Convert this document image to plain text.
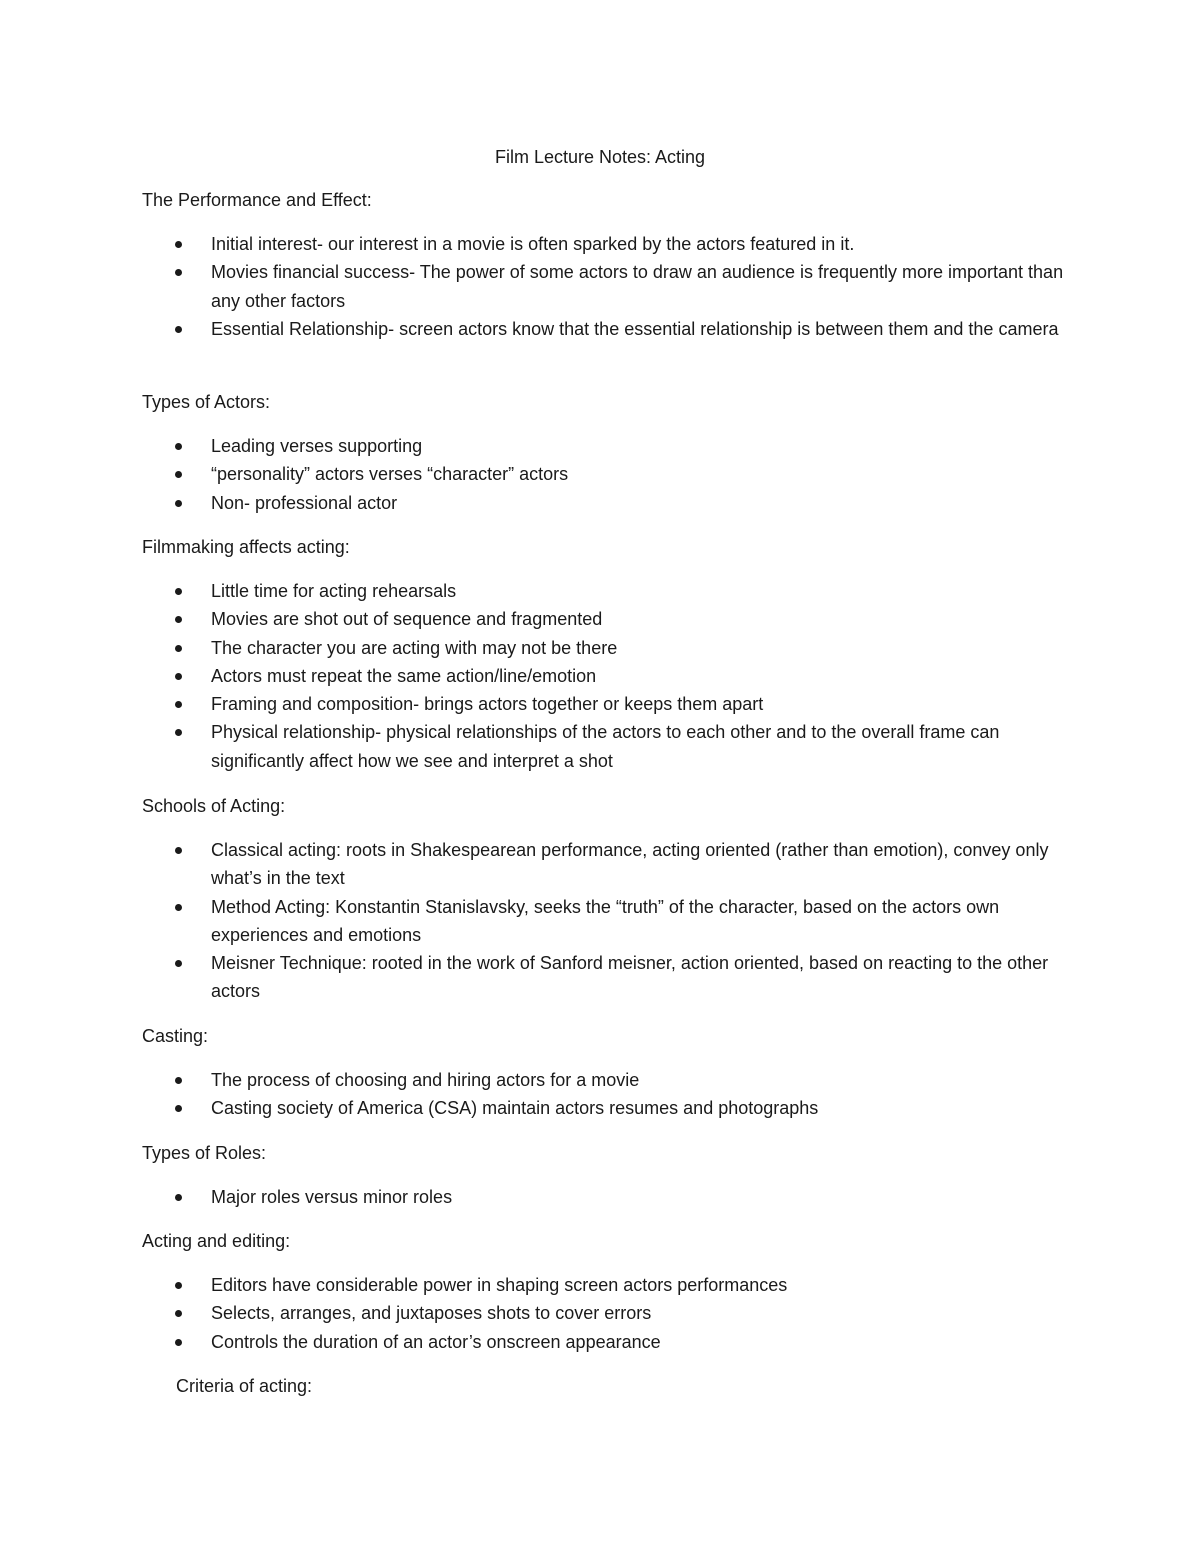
Film Lecture Notes: Acting

The Performance and Effect:

Initial interest- our interest in a movie is often sparked by the actors featured in it.
Movies financial success- The power of some actors to draw an audience is frequently more important than any other factors
Essential Relationship- screen actors know that the essential relationship is between them and the camera

Types of Actors:

Leading verses supporting
“personality” actors verses “character” actors
Non- professional actor

Filmmaking affects acting:

Little time for acting rehearsals
Movies are shot out of sequence and fragmented
The character you are acting with may not be there
Actors must repeat the same action/line/emotion
Framing and composition- brings actors together or keeps them apart
Physical relationship- physical relationships of the actors to each other and to the overall frame can significantly affect how we see and interpret a shot

Schools of Acting:

Classical acting: roots in Shakespearean performance, acting oriented (rather than emotion), convey only what’s in the text
Method Acting: Konstantin Stanislavsky, seeks the “truth” of the character, based on the actors own experiences and emotions
Meisner Technique: rooted in the work of Sanford meisner, action oriented, based on reacting to the other actors

Casting:

The process of choosing and hiring actors for a movie
Casting society of America (CSA) maintain actors resumes and photographs

Types of Roles:

Major roles versus minor roles

Acting and editing:

Editors have considerable power in shaping screen actors performances
Selects, arranges, and juxtaposes shots to cover errors
Controls the duration of an actor’s onscreen appearance

Criteria of acting:
